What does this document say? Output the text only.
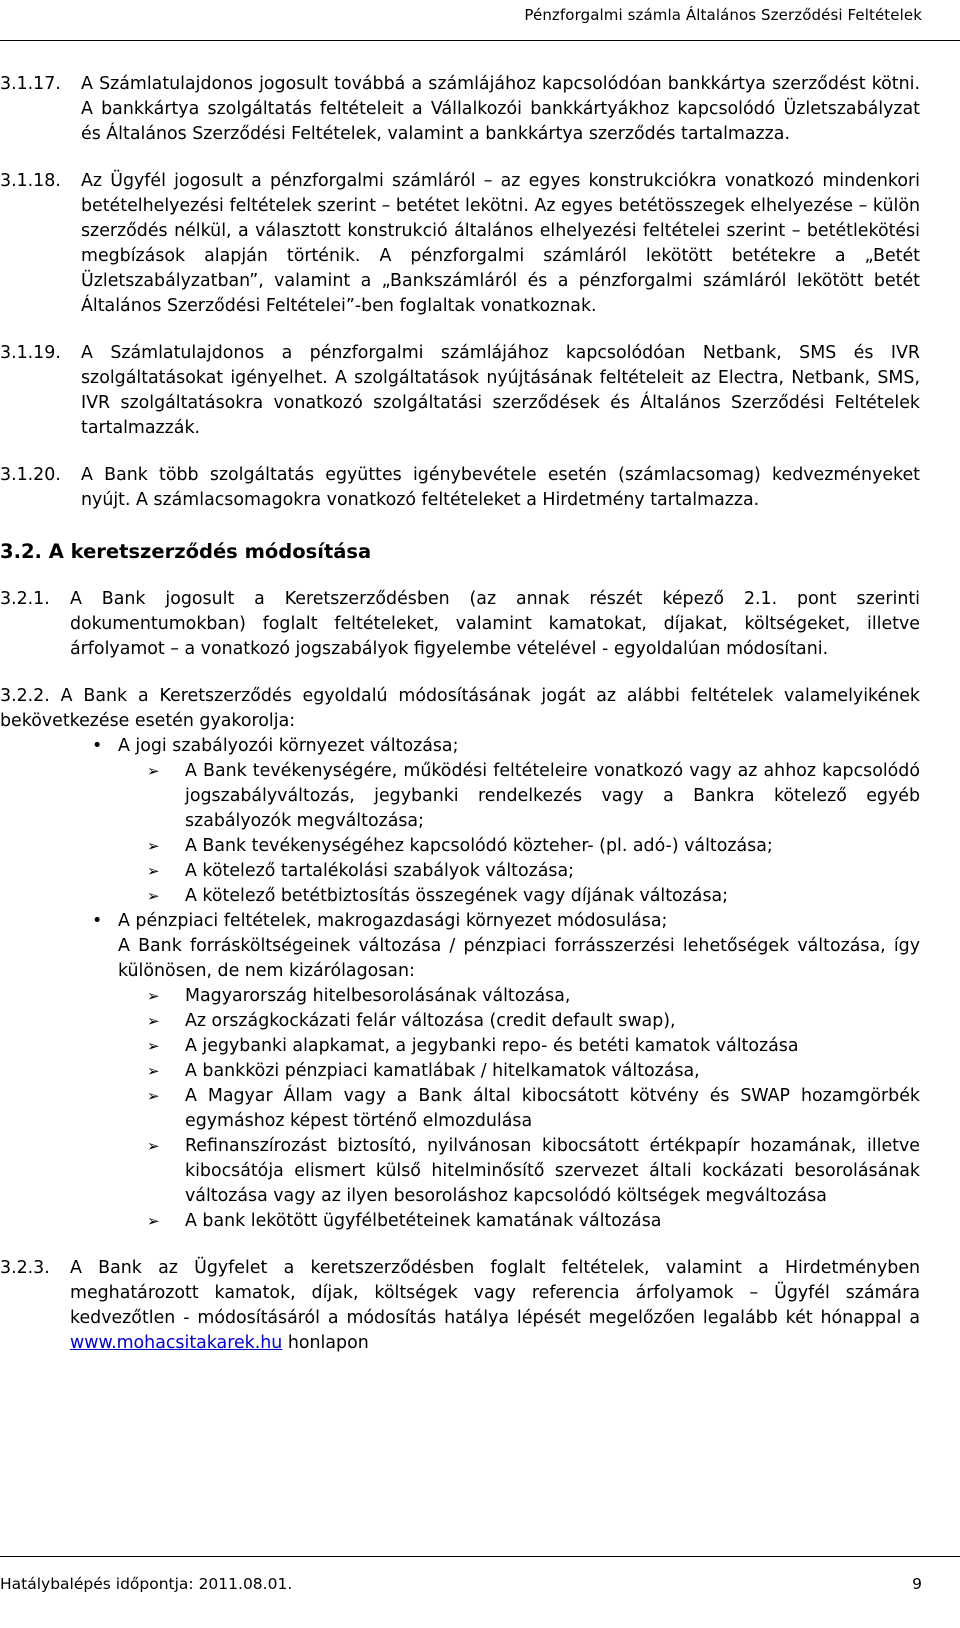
Pénzforgalmi számla Általános Szerződési Feltételek
3.1.17.	A Számlatulajdonos jogosult továbbá a számlájához kapcsolódóan bankkártya szerződést kötni. A bankkártya szolgáltatás feltételeit a Vállalkozói bankkártyákhoz kapcsolódó Üzletszabályzat és Általános Szerződési Feltételek, valamint a bankkártya szerződés tartalmazza.
3.1.18.	Az Ügyfél jogosult a pénzforgalmi számláról – az egyes konstrukciókra vonatkozó mindenkori betételhelyezési feltételek szerint – betétet lekötni. Az egyes betétösszegek elhelyezése – külön szerződés nélkül, a választott konstrukció általános elhelyezési feltételei szerint – betétlekötési megbízások alapján történik. A pénzforgalmi számláról lekötött betétekre a „Betét Üzletszabályzatban”, valamint a „Bankszámláról és a pénzforgalmi számláról lekötött betét Általános Szerződési Feltételei”-ben foglaltak vonatkoznak.
3.1.19.	A Számlatulajdonos a pénzforgalmi számlájához kapcsolódóan Netbank, SMS és IVR szolgáltatásokat igényelhet. A szolgáltatások nyújtásának feltételeit az Electra, Netbank, SMS, IVR szolgáltatásokra vonatkozó szolgáltatási szerződések és Általános Szerződési Feltételek tartalmazzák.
3.1.20.	A Bank több szolgáltatás együttes igénybevétele esetén (számlacsomag) kedvezményeket nyújt. A számlacsomagokra vonatkozó feltételeket a Hirdetmény tartalmazza.
3.2. A keretszerződés módosítása
3.2.1.	A Bank jogosult a Keretszerződésben (az annak részét képező 2.1. pont szerinti dokumentumokban) foglalt feltételeket, valamint kamatokat, díjakat, költségeket, illetve árfolyamot – a vonatkozó jogszabályok figyelembe vételével - egyoldalúan módosítani.
3.2.2. A Bank a Keretszerződés egyoldalú módosításának jogát az alábbi feltételek valamelyikének bekövetkezése esetén gyakorolja:
• A jogi szabályozói környezet változása;
➢	A Bank tevékenységére, működési feltételeire vonatkozó vagy az ahhoz kapcsolódó jogszabályváltozás, jegybanki rendelkezés vagy a Bankra kötelező egyéb szabályozók megváltozása;
➢	A Bank tevékenységéhez kapcsolódó közteher- (pl. adó-) változása;
➢	A kötelező tartalékolási szabályok változása;
➢	A kötelező betétbiztosítás összegének vagy díjának változása;
• A pénzpiaci feltételek, makrogazdasági környezet módosulása;
A Bank forrásköltségeinek változása / pénzpiaci forrásszerzési lehetőségek változása, így különösen, de nem kizárólagosan:
➢	Magyarország hitelbesorolásának változása,
➢	Az országkockázati felár változása (credit default swap),
➢	A jegybanki alapkamat, a jegybanki repo- és betéti kamatok változása
➢	A bankközi pénzpiaci kamatlábak / hitelkamatok változása,
➢	A Magyar Állam vagy a Bank által kibocsátott kötvény és SWAP hozamgörbék egymáshoz képest történő elmozdulása
➢	Refinanszírozást biztosító, nyilvánosan kibocsátott értékpapír hozamának, illetve kibocsátója elismert külső hitelminősítő szervezet általi kockázati besorolásának változása vagy az ilyen besoroláshoz kapcsolódó költségek megváltozása
➢	A bank lekötött ügyfélbetéteinek kamatának változása
3.2.3.	A Bank az Ügyfelet a keretszerződésben foglalt feltételek, valamint a Hirdetményben meghatározott kamatok, díjak, költségek vagy referencia árfolyamok – Ügyfél számára kedvezőtlen - módosításáról a módosítás hatálya lépését megelőzően legalább két hónappal a www.mohacsitakarek.hu honlapon
Hatálybalépés időpontja: 2011.08.01.	9
